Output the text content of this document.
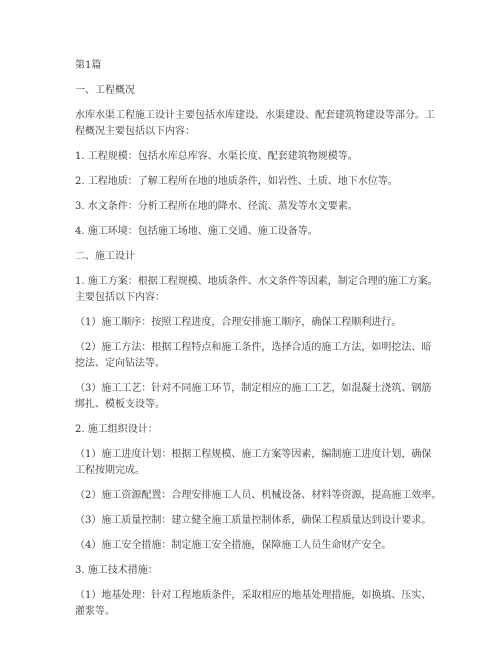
第1篇
一、工程概况
水库水渠工程施工设计主要包括水库建设、水渠建设、配套建筑物建设等部分。工
程概况主要包括以下内容：
1. 工程规模：包括水库总库容、水渠长度、配套建筑物规模等。
2. 工程地质：了解工程所在地的地质条件，如岩性、土质、地下水位等。
3. 水文条件：分析工程所在地的降水、径流、蒸发等水文要素。
4. 施工环境：包括施工场地、施工交通、施工设备等。
二、施工设计
1. 施工方案：根据工程规模、地质条件、水文条件等因素，制定合理的施工方案。
主要包括以下内容：
（1）施工顺序：按照工程进度，合理安排施工顺序，确保工程顺利进行。
（2）施工方法：根据工程特点和施工条件，选择合适的施工方法，如明挖法、暗
挖法、定向钻法等。
（3）施工工艺：针对不同施工环节，制定相应的施工工艺，如混凝土浇筑、钢筋
绑扎、模板支设等。
2. 施工组织设计：
（1）施工进度计划：根据工程规模、施工方案等因素，编制施工进度计划，确保
工程按期完成。
（2）施工资源配置：合理安排施工人员、机械设备、材料等资源，提高施工效率。
（3）施工质量控制：建立健全施工质量控制体系，确保工程质量达到设计要求。
（4）施工安全措施：制定施工安全措施，保障施工人员生命财产安全。
3. 施工技术措施：
（1）地基处理：针对工程地质条件，采取相应的地基处理措施，如换填、压实、
灌浆等。
